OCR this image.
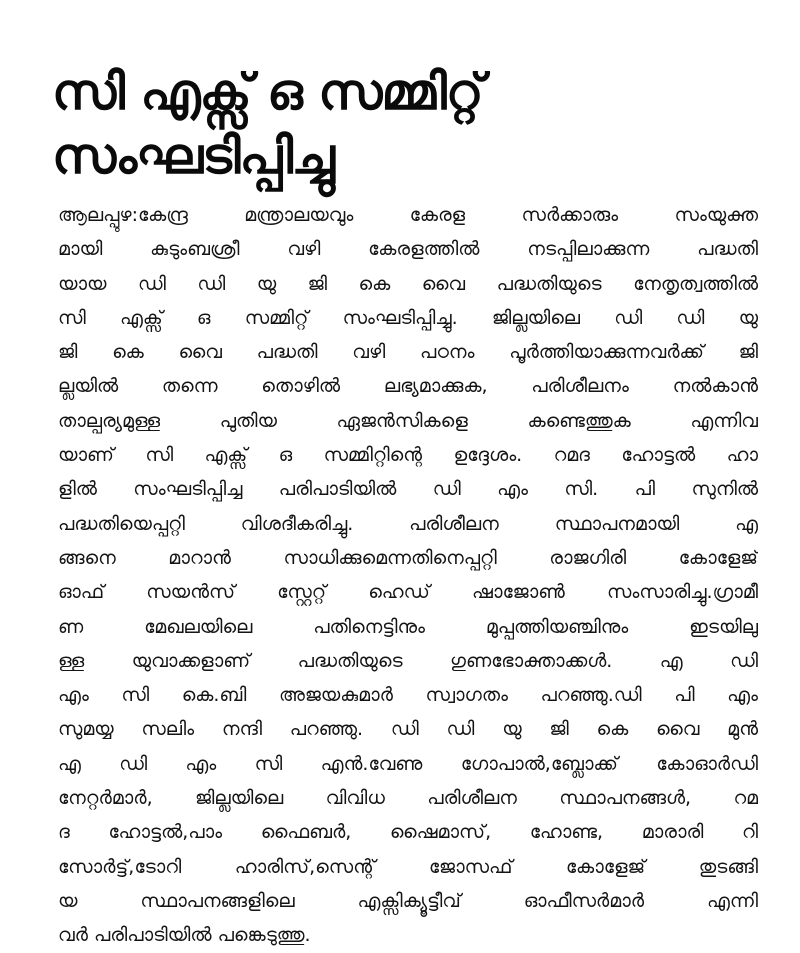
സി എക്സ് ഒ സമ്മിറ്റ്
സംഘടിപ്പിച്ചു
ആലപ്പുഴ:കേന്ദ്ര മന്ത്രാലയവും കേരള സർക്കാരും സംയുക്ത
മായി കുടുംബശ്രീ വഴി കേരളത്തിൽ നടപ്പിലാക്കുന്ന പദ്ധതി
യായ ഡി ഡി യു ജി കെ വൈ പദ്ധതിയുടെ നേതൃത്വത്തിൽ
സി എക്സ് ഒ സമ്മിറ്റ് സംഘടിപ്പിച്ചു. ജില്ലയിലെ ഡി ഡി യു
ജി കെ വൈ പദ്ധതി വഴി പഠനം പൂർത്തിയാക്കുന്നവർക്ക് ജി
ല്ലയിൽ തന്നെ തൊഴിൽ ലഭ്യമാക്കുക, പരിശീലനം നൽകാൻ
താല്പര്യമുള്ള പുതിയ ഏജൻസികളെ കണ്ടെത്തുക എന്നിവ
യാണ് സി എക്സ് ഒ സമ്മിറ്റിന്റെ ഉദ്ദേശം. റമദ ഹോട്ടൽ ഹാ
ളിൽ സംഘടിപ്പിച്ച പരിപാടിയിൽ ഡി എം സി. പി സുനിൽ
പദ്ധതിയെപ്പറ്റി വിശദീകരിച്ചു. പരിശീലന സ്ഥാപനമായി എ
ങ്ങനെ മാറാൻ സാധിക്കുമെന്നതിനെപ്പറ്റി രാജഗിരി കോളേജ്
ഓഫ് സയൻസ് സ്റ്റേറ്റ് ഹെഡ് ഷാജോൺ സംസാരിച്ചു.ഗ്രാമീ
ണ മേഖലയിലെ പതിനെട്ടിനും മുപ്പത്തിയഞ്ചിനും ഇടയിലു
ള്ള യുവാക്കളാണ് പദ്ധതിയുടെ ഗുണഭോക്താക്കൾ. എ ഡി
എം സി കെ.ബി അജയകുമാർ സ്വാഗതം പറഞ്ഞു.ഡി പി എം
സുമയ്യ സലിം നന്ദി പറഞ്ഞു. ഡി ഡി യു ജി കെ വൈ മുൻ
എ ഡി എം സി എൻ.വേണു ഗോപാൽ,ബ്ലോക്ക് കോഓർഡി
നേറ്റർമാർ, ജില്ലയിലെ വിവിധ പരിശീലന സ്ഥാപനങ്ങൾ, റമ
ദ ഹോട്ടൽ,പാം ഫൈബർ, ഷൈമാസ്, ഹോണ്ട, മാരാരി റി
സോർട്ട്,ടോറി ഹാരിസ്,സെന്റ് ജോസഫ് കോളേജ് തുടങ്ങി
യ സ്ഥാപനങ്ങളിലെ എക്സിക്യൂട്ടീവ് ഓഫീസർമാർ എന്നി
വർ പരിപാടിയിൽ പങ്കെടുത്തു.
